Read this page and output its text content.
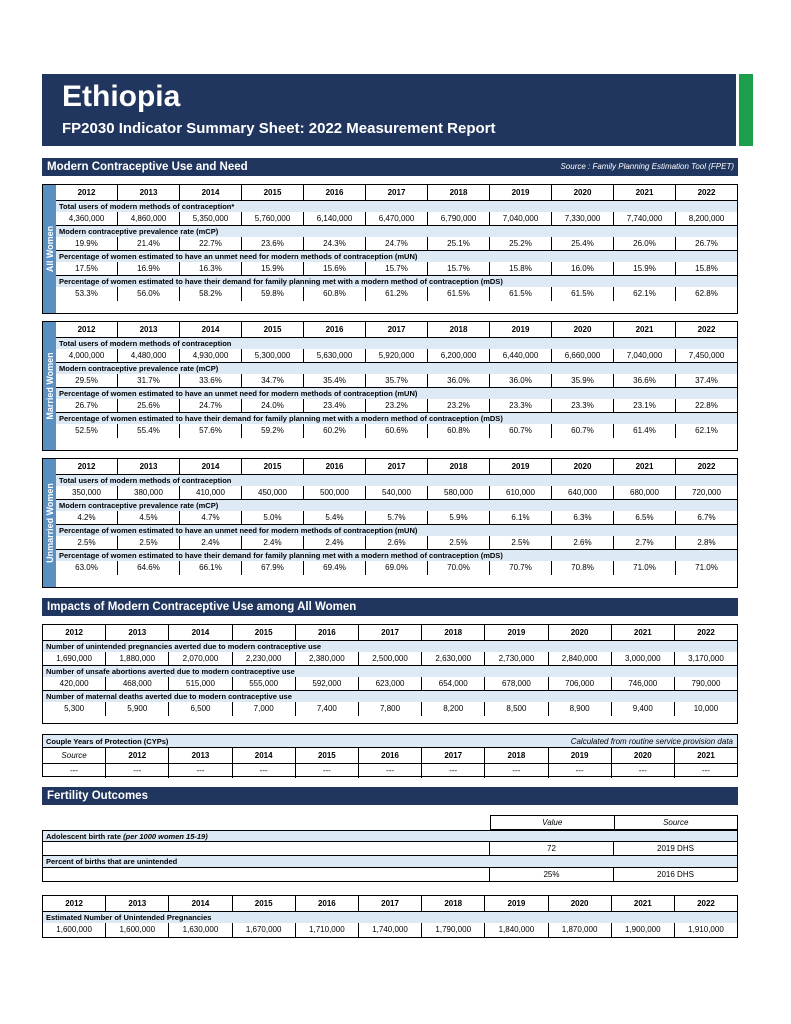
Ethiopia
FP2030 Indicator Summary Sheet: 2022 Measurement Report
Modern Contraceptive Use and Need	Source : Family Planning Estimation Tool (FPET)
All Women
2012	2013	2014	2015	2016	2017	2018	2019	2020	2021	2022
Total users of modern methods of contraception*
4,360,000	4,860,000	5,350,000	5,760,000	6,140,000	6,470,000	6,790,000	7,040,000	7,330,000	7,740,000	8,200,000
Modern contraceptive prevalence rate (mCP)
19.9%	21.4%	22.7%	23.6%	24.3%	24.7%	25.1%	25.2%	25.4%	26.0%	26.7%
Percentage of women estimated to have an unmet need for modern methods of contraception (mUN)
17.5%	16.9%	16.3%	15.9%	15.6%	15.7%	15.7%	15.8%	16.0%	15.9%	15.8%
Percentage of women estimated to have their demand for family planning met with a modern method of contraception (mDS)
53.3%	56.0%	58.2%	59.8%	60.8%	61.2%	61.5%	61.5%	61.5%	62.1%	62.8%
Married Women
2012	2013	2014	2015	2016	2017	2018	2019	2020	2021	2022
Total users of modern methods of contraception
4,000,000	4,480,000	4,930,000	5,300,000	5,630,000	5,920,000	6,200,000	6,440,000	6,660,000	7,040,000	7,450,000
Modern contraceptive prevalence rate (mCP)
29.5%	31.7%	33.6%	34.7%	35.4%	35.7%	36.0%	36.0%	35.9%	36.6%	37.4%
Percentage of women estimated to have an unmet need for modern methods of contraception (mUN)
26.7%	25.6%	24.7%	24.0%	23.4%	23.2%	23.2%	23.3%	23.3%	23.1%	22.8%
Percentage of women estimated to have their demand for family planning met with a modern method of contraception (mDS)
52.5%	55.4%	57.6%	59.2%	60.2%	60.6%	60.8%	60.7%	60.7%	61.4%	62.1%
Unmarried Women
2012	2013	2014	2015	2016	2017	2018	2019	2020	2021	2022
Total users of modern methods of contraception
350,000	380,000	410,000	450,000	500,000	540,000	580,000	610,000	640,000	680,000	720,000
Modern contraceptive prevalence rate (mCP)
4.2%	4.5%	4.7%	5.0%	5.4%	5.7%	5.9%	6.1%	6.3%	6.5%	6.7%
Percentage of women estimated to have an unmet need for modern methods of contraception (mUN)
2.5%	2.5%	2.4%	2.4%	2.4%	2.6%	2.5%	2.5%	2.6%	2.7%	2.8%
Percentage of women estimated to have their demand for family planning met with a modern method of contraception (mDS)
63.0%	64.6%	66.1%	67.9%	69.4%	69.0%	70.0%	70.7%	70.8%	71.0%	71.0%
Impacts of Modern Contraceptive Use among All Women
2012	2013	2014	2015	2016	2017	2018	2019	2020	2021	2022
Number of unintended pregnancies averted due to modern contraceptive use
1,690,000	1,880,000	2,070,000	2,230,000	2,380,000	2,500,000	2,630,000	2,730,000	2,840,000	3,000,000	3,170,000
Number of unsafe abortions averted due to modern contraceptive use
420,000	468,000	515,000	555,000	592,000	623,000	654,000	678,000	706,000	746,000	790,000
Number of maternal deaths averted due to modern contraceptive use
5,300	5,900	6,500	7,000	7,400	7,800	8,200	8,500	8,900	9,400	10,000
Couple Years of Protection (CYPs)	Calculated from routine service provision data
Source	2012	2013	2014	2015	2016	2017	2018	2019	2020	2021
---	---	---	---	---	---	---	---	---	---	---
Fertility Outcomes
Value	Source
Adolescent birth rate (per 1000 women 15-19)
72	2019 DHS
Percent of births that are unintended
25%	2016 DHS
2012	2013	2014	2015	2016	2017	2018	2019	2020	2021	2022
Estimated Number of Unintended Pregnancies
1,600,000	1,600,000	1,630,000	1,670,000	1,710,000	1,740,000	1,790,000	1,840,000	1,870,000	1,900,000	1,910,000
